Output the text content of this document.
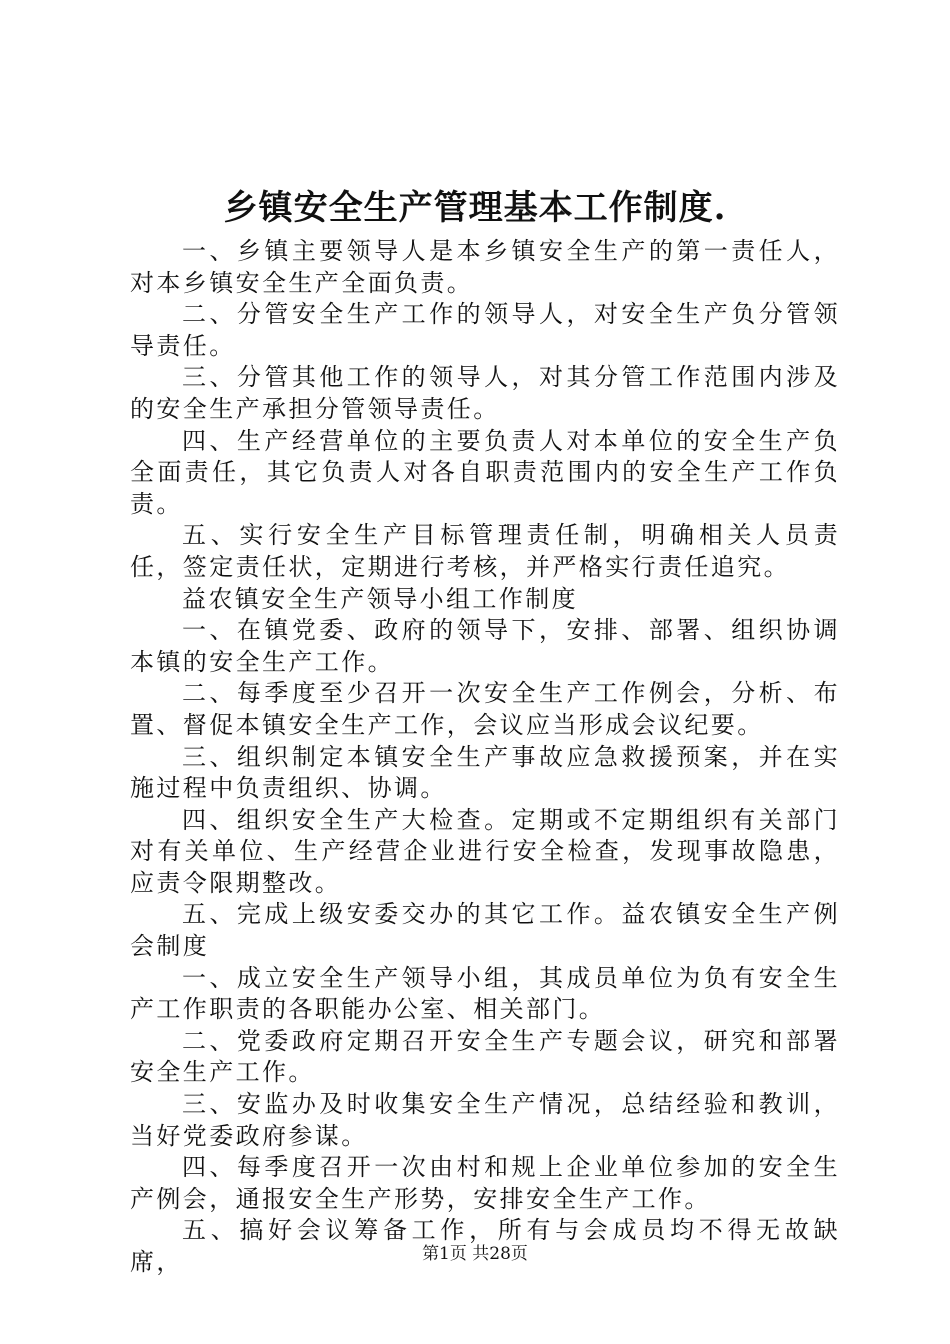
乡镇安全生产管理基本工作制度.

一、乡镇主要领导人是本乡镇安全生产的第一责任人，对本乡镇安全生产全面负责。

二、分管安全生产工作的领导人，对安全生产负分管领导责任。

三、分管其他工作的领导人，对其分管工作范围内涉及的安全生产承担分管领导责任。

四、生产经营单位的主要负责人对本单位的安全生产负全面责任，其它负责人对各自职责范围内的安全生产工作负责。

五、实行安全生产目标管理责任制，明确相关人员责任，签定责任状，定期进行考核，并严格实行责任追究。

益农镇安全生产领导小组工作制度

一、在镇党委、政府的领导下，安排、部署、组织协调本镇的安全生产工作。

二、每季度至少召开一次安全生产工作例会，分析、布置、督促本镇安全生产工作，会议应当形成会议纪要。

三、组织制定本镇安全生产事故应急救援预案，并在实施过程中负责组织、协调。

四、组织安全生产大检查。定期或不定期组织有关部门对有关单位、生产经营企业进行安全检查，发现事故隐患，应责令限期整改。

五、完成上级安委交办的其它工作。益农镇安全生产例会制度

一、成立安全生产领导小组，其成员单位为负有安全生产工作职责的各职能办公室、相关部门。

二、党委政府定期召开安全生产专题会议，研究和部署安全生产工作。

三、安监办及时收集安全生产情况，总结经验和教训，当好党委政府参谋。

四、每季度召开一次由村和规上企业单位参加的安全生产例会，通报安全生产形势，安排安全生产工作。

五、搞好会议筹备工作，所有与会成员均不得无故缺席，	第1页 共28页
